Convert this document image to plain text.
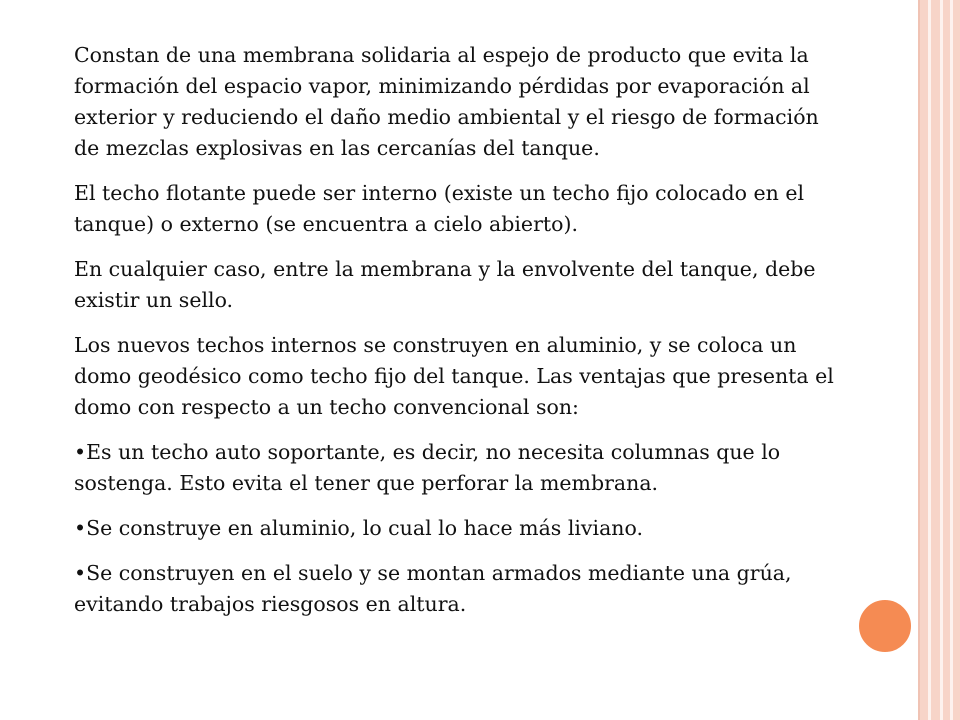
Constan de una membrana solidaria al espejo de producto que evita la formación del espacio vapor, minimizando pérdidas por evaporación al exterior y reduciendo el daño medio ambiental y el riesgo de formación de mezclas explosivas en las cercanías del tanque.

El techo flotante puede ser interno (existe un techo fijo colocado en el tanque) o externo (se encuentra a cielo abierto).

En cualquier caso, entre la membrana y la envolvente del tanque, debe existir un sello.

Los nuevos techos internos se construyen en aluminio, y se coloca un domo geodésico como techo fijo del tanque. Las ventajas que presenta el domo con respecto a un techo convencional son:

•Es un techo auto soportante, es decir, no necesita columnas que lo sostenga. Esto evita el tener que perforar la membrana.

•Se construye en aluminio, lo cual lo hace más liviano.

•Se construyen en el suelo y se montan armados mediante una grúa, evitando trabajos riesgosos en altura.
